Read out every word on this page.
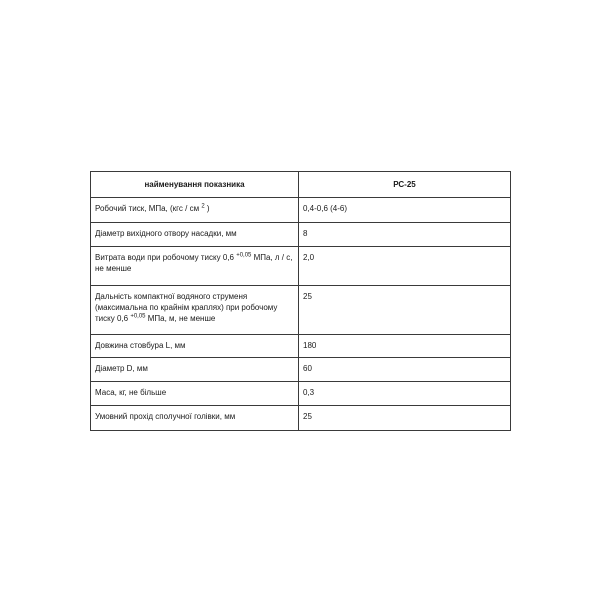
найменування показника	РС-25
Робочий тиск, МПа, (кгс / см $^2$ )	0,4-0,6 (4-6)
Діаметр вихідного отвору насадки, мм	8
Витрата води при робочому тиску 0,6 $^{+0,05}$ МПа, л / с, не менше	2,0
Дальність компактної водяного струменя (максимальна по крайнім краплях) при робочому тиску 0,6 $^{+0,05}$ МПа, м, не менше	25
Довжина стовбура L, мм	180
Діаметр D, мм	60
Маса, кг, не більше	0,3
Умовний прохід сполучної голівки, мм	25
